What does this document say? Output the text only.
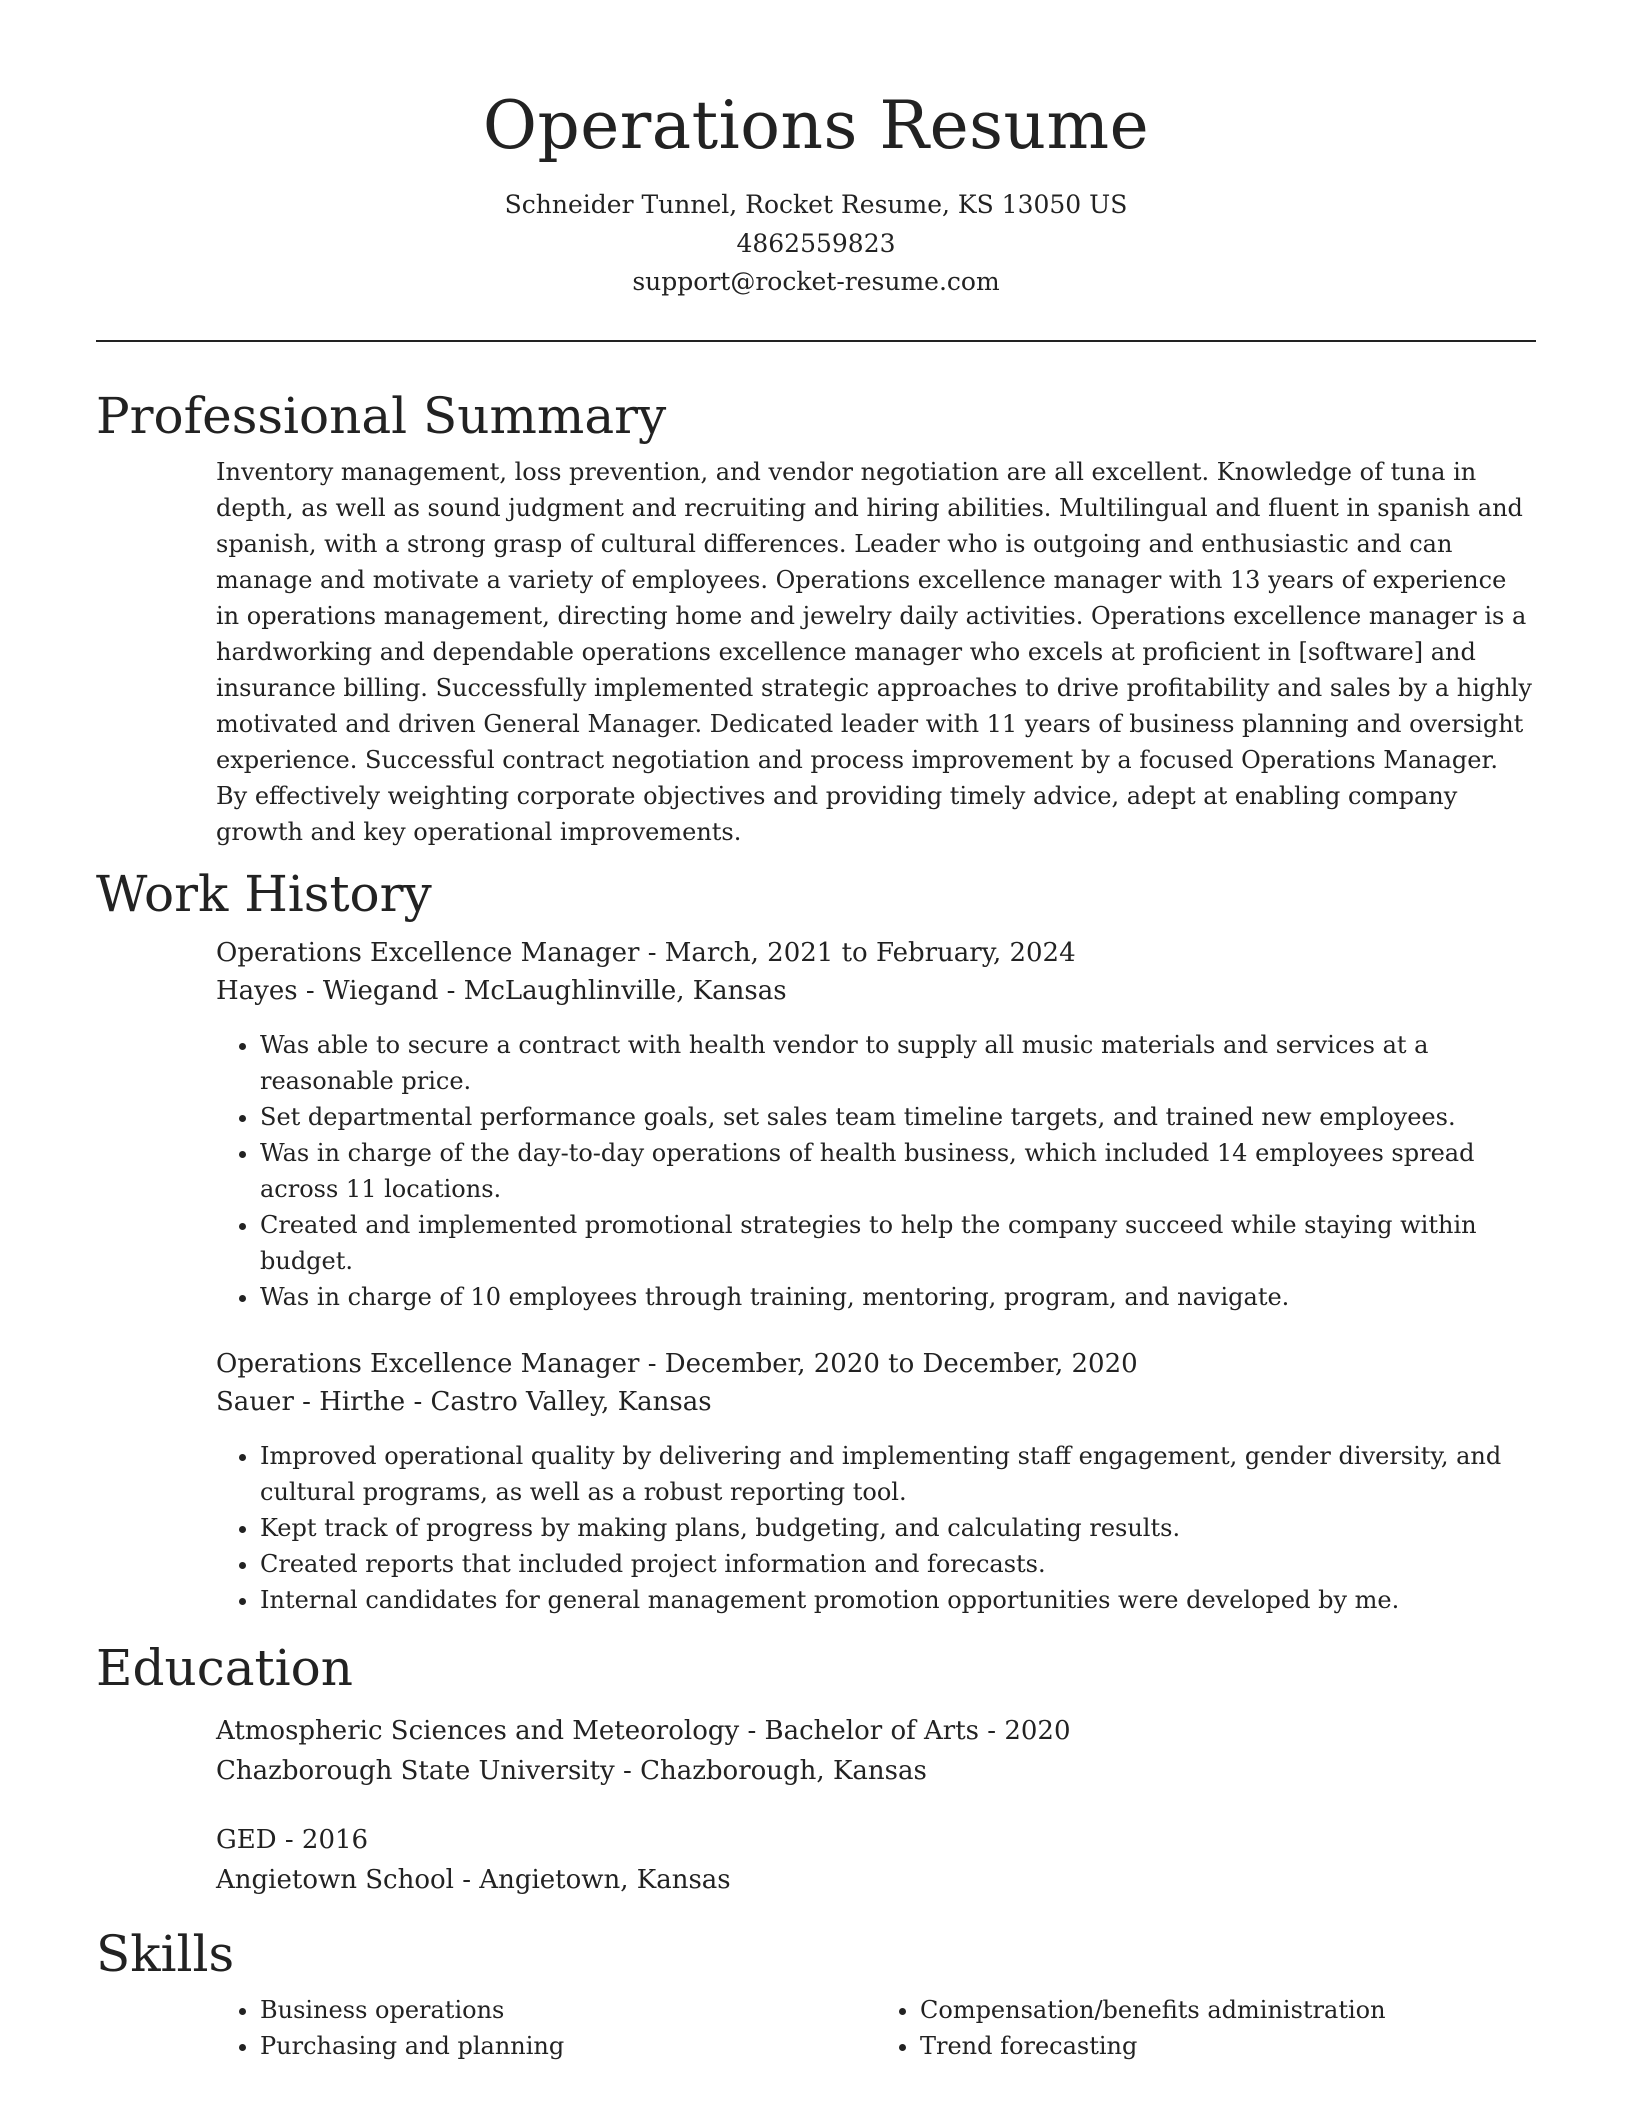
Operations Resume
Schneider Tunnel, Rocket Resume, KS 13050 US
4862559823
support@rocket-resume.com
Professional Summary

Inventory management, loss prevention, and vendor negotiation are all excellent. Knowledge of tuna in depth, as well as sound judgment and recruiting and hiring abilities. Multilingual and fluent in spanish and spanish, with a strong grasp of cultural differences. Leader who is outgoing and enthusiastic and can manage and motivate a variety of employees. Operations excellence manager with 13 years of experience in operations management, directing home and jewelry daily activities. Operations excellence manager is a hardworking and dependable operations excellence manager who excels at proficient in [software] and insurance billing. Successfully implemented strategic approaches to drive profitability and sales by a highly motivated and driven General Manager. Dedicated leader with 11 years of business planning and oversight experience. Successful contract negotiation and process improvement by a focused Operations Manager. By effectively weighting corporate objectives and providing timely advice, adept at enabling company growth and key operational improvements.

Work History
Operations Excellence Manager - March, 2021 to February, 2024
Hayes - Wiegand - McLaughlinville, Kansas
• Was able to secure a contract with health vendor to supply all music materials and services at a reasonable price.
• Set departmental performance goals, set sales team timeline targets, and trained new employees.
• Was in charge of the day-to-day operations of health business, which included 14 employees spread across 11 locations.
• Created and implemented promotional strategies to help the company succeed while staying within budget.
• Was in charge of 10 employees through training, mentoring, program, and navigate.
Operations Excellence Manager - December, 2020 to December, 2020
Sauer - Hirthe - Castro Valley, Kansas
• Improved operational quality by delivering and implementing staff engagement, gender diversity, and cultural programs, as well as a robust reporting tool.
• Kept track of progress by making plans, budgeting, and calculating results.
• Created reports that included project information and forecasts.
• Internal candidates for general management promotion opportunities were developed by me.
Education
Atmospheric Sciences and Meteorology - Bachelor of Arts - 2020
Chazborough State University - Chazborough, Kansas
GED - 2016
Angietown School - Angietown, Kansas
Skills
• Business operations
• Purchasing and planning
• Compensation/benefits administration
• Trend forecasting
